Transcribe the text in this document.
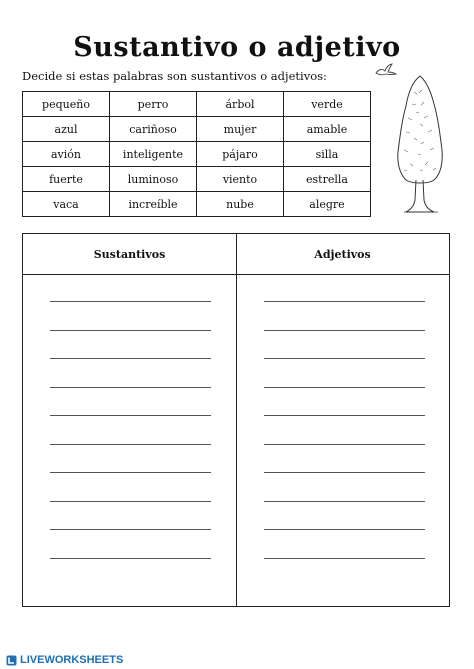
Sustantivo o adjetivo
Decide si estas palabras son sustantivos o adjetivos:
pequeño	perro	árbol	verde
azul	cariñoso	mujer	amable
avión	inteligente	pájaro	silla
fuerte	luminoso	viento	estrella
vaca	increíble	nube	alegre
Sustantivos	Adjetivos
LIVEWORKSHEETS
